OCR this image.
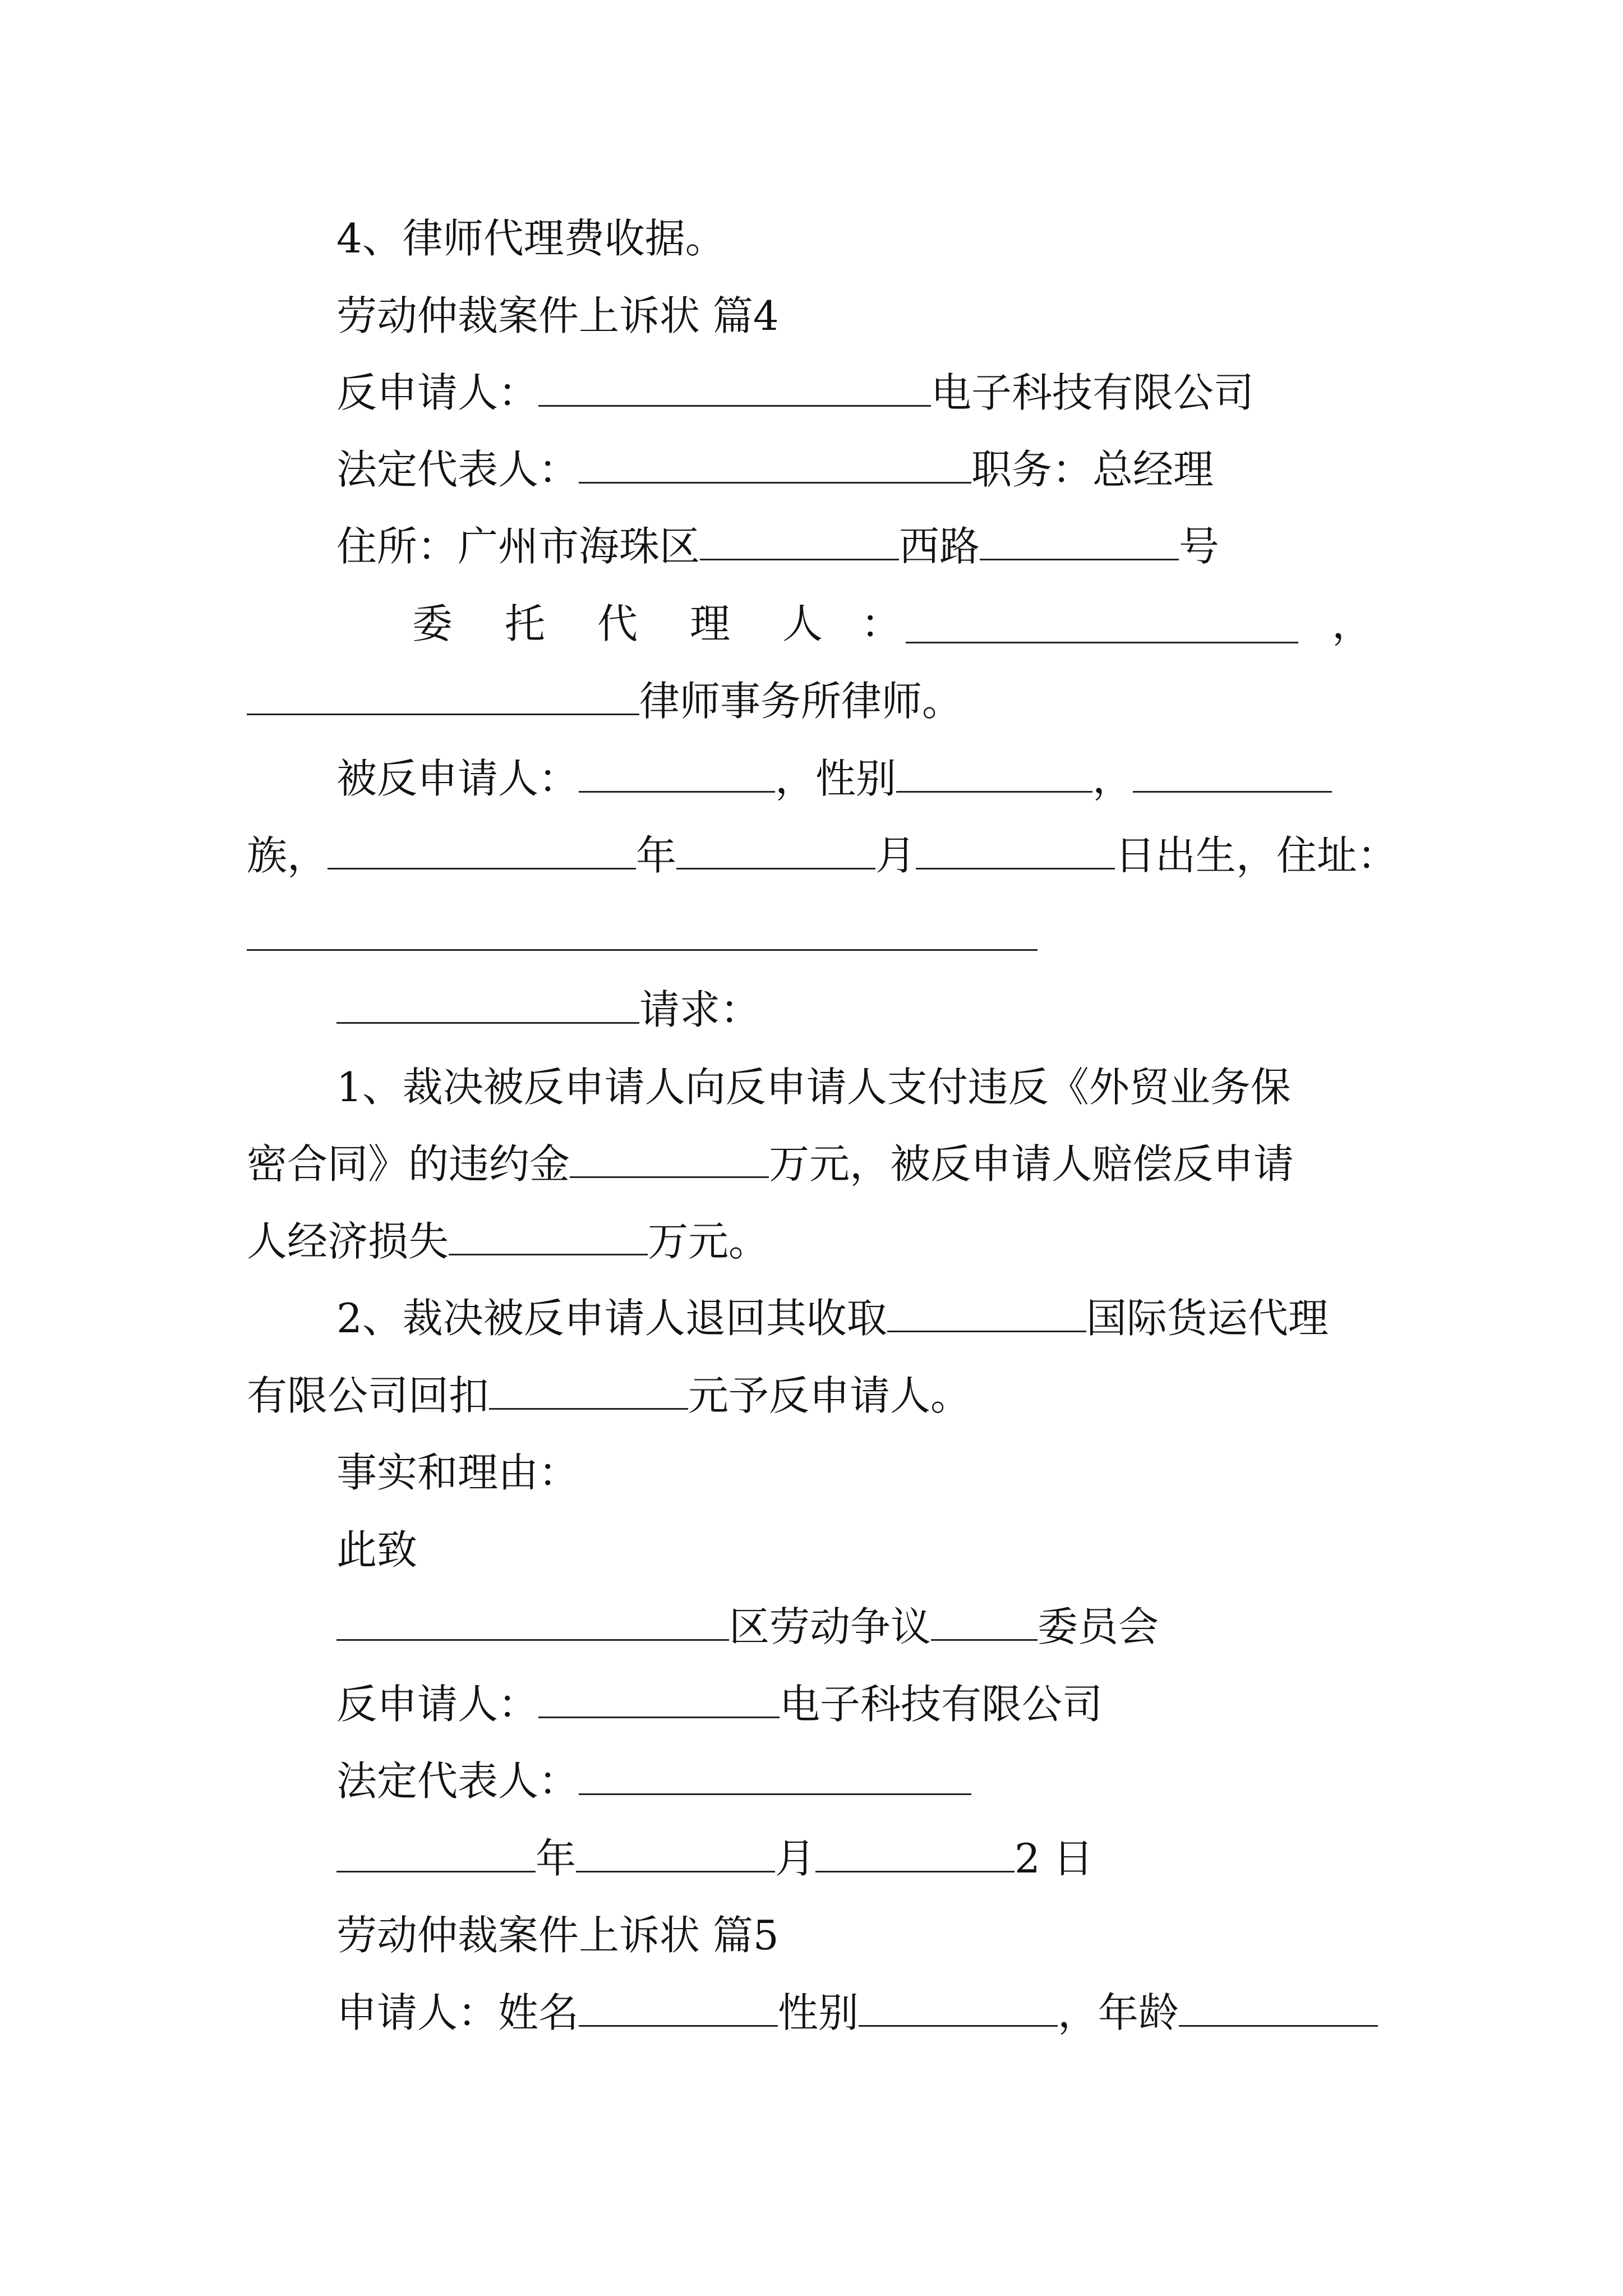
4、律师代理费收据。
劳动仲裁案件上诉状 篇4
反申请人：	电子科技有限公司
法定代表人：	职务：总经理
住所：广州市海珠区	西路	号
委 托 代 理 人 ：	，
律师事务所律师。
被反申请人：	，性别	，
族，	年	月	日出生，住址：
请求：
1、裁决被反申请人向反申请人支付违反《外贸业务保
密合同》的违约金	万元，被反申请人赔偿反申请
人经济损失	万元。
2、裁决被反申请人退回其收取	国际货运代理
有限公司回扣	元予反申请人。
事实和理由：
此致
区劳动争议	委员会
反申请人：	电子科技有限公司
法定代表人：
年	月	2 日
劳动仲裁案件上诉状 篇5
申请人：姓名	性别	，年龄
